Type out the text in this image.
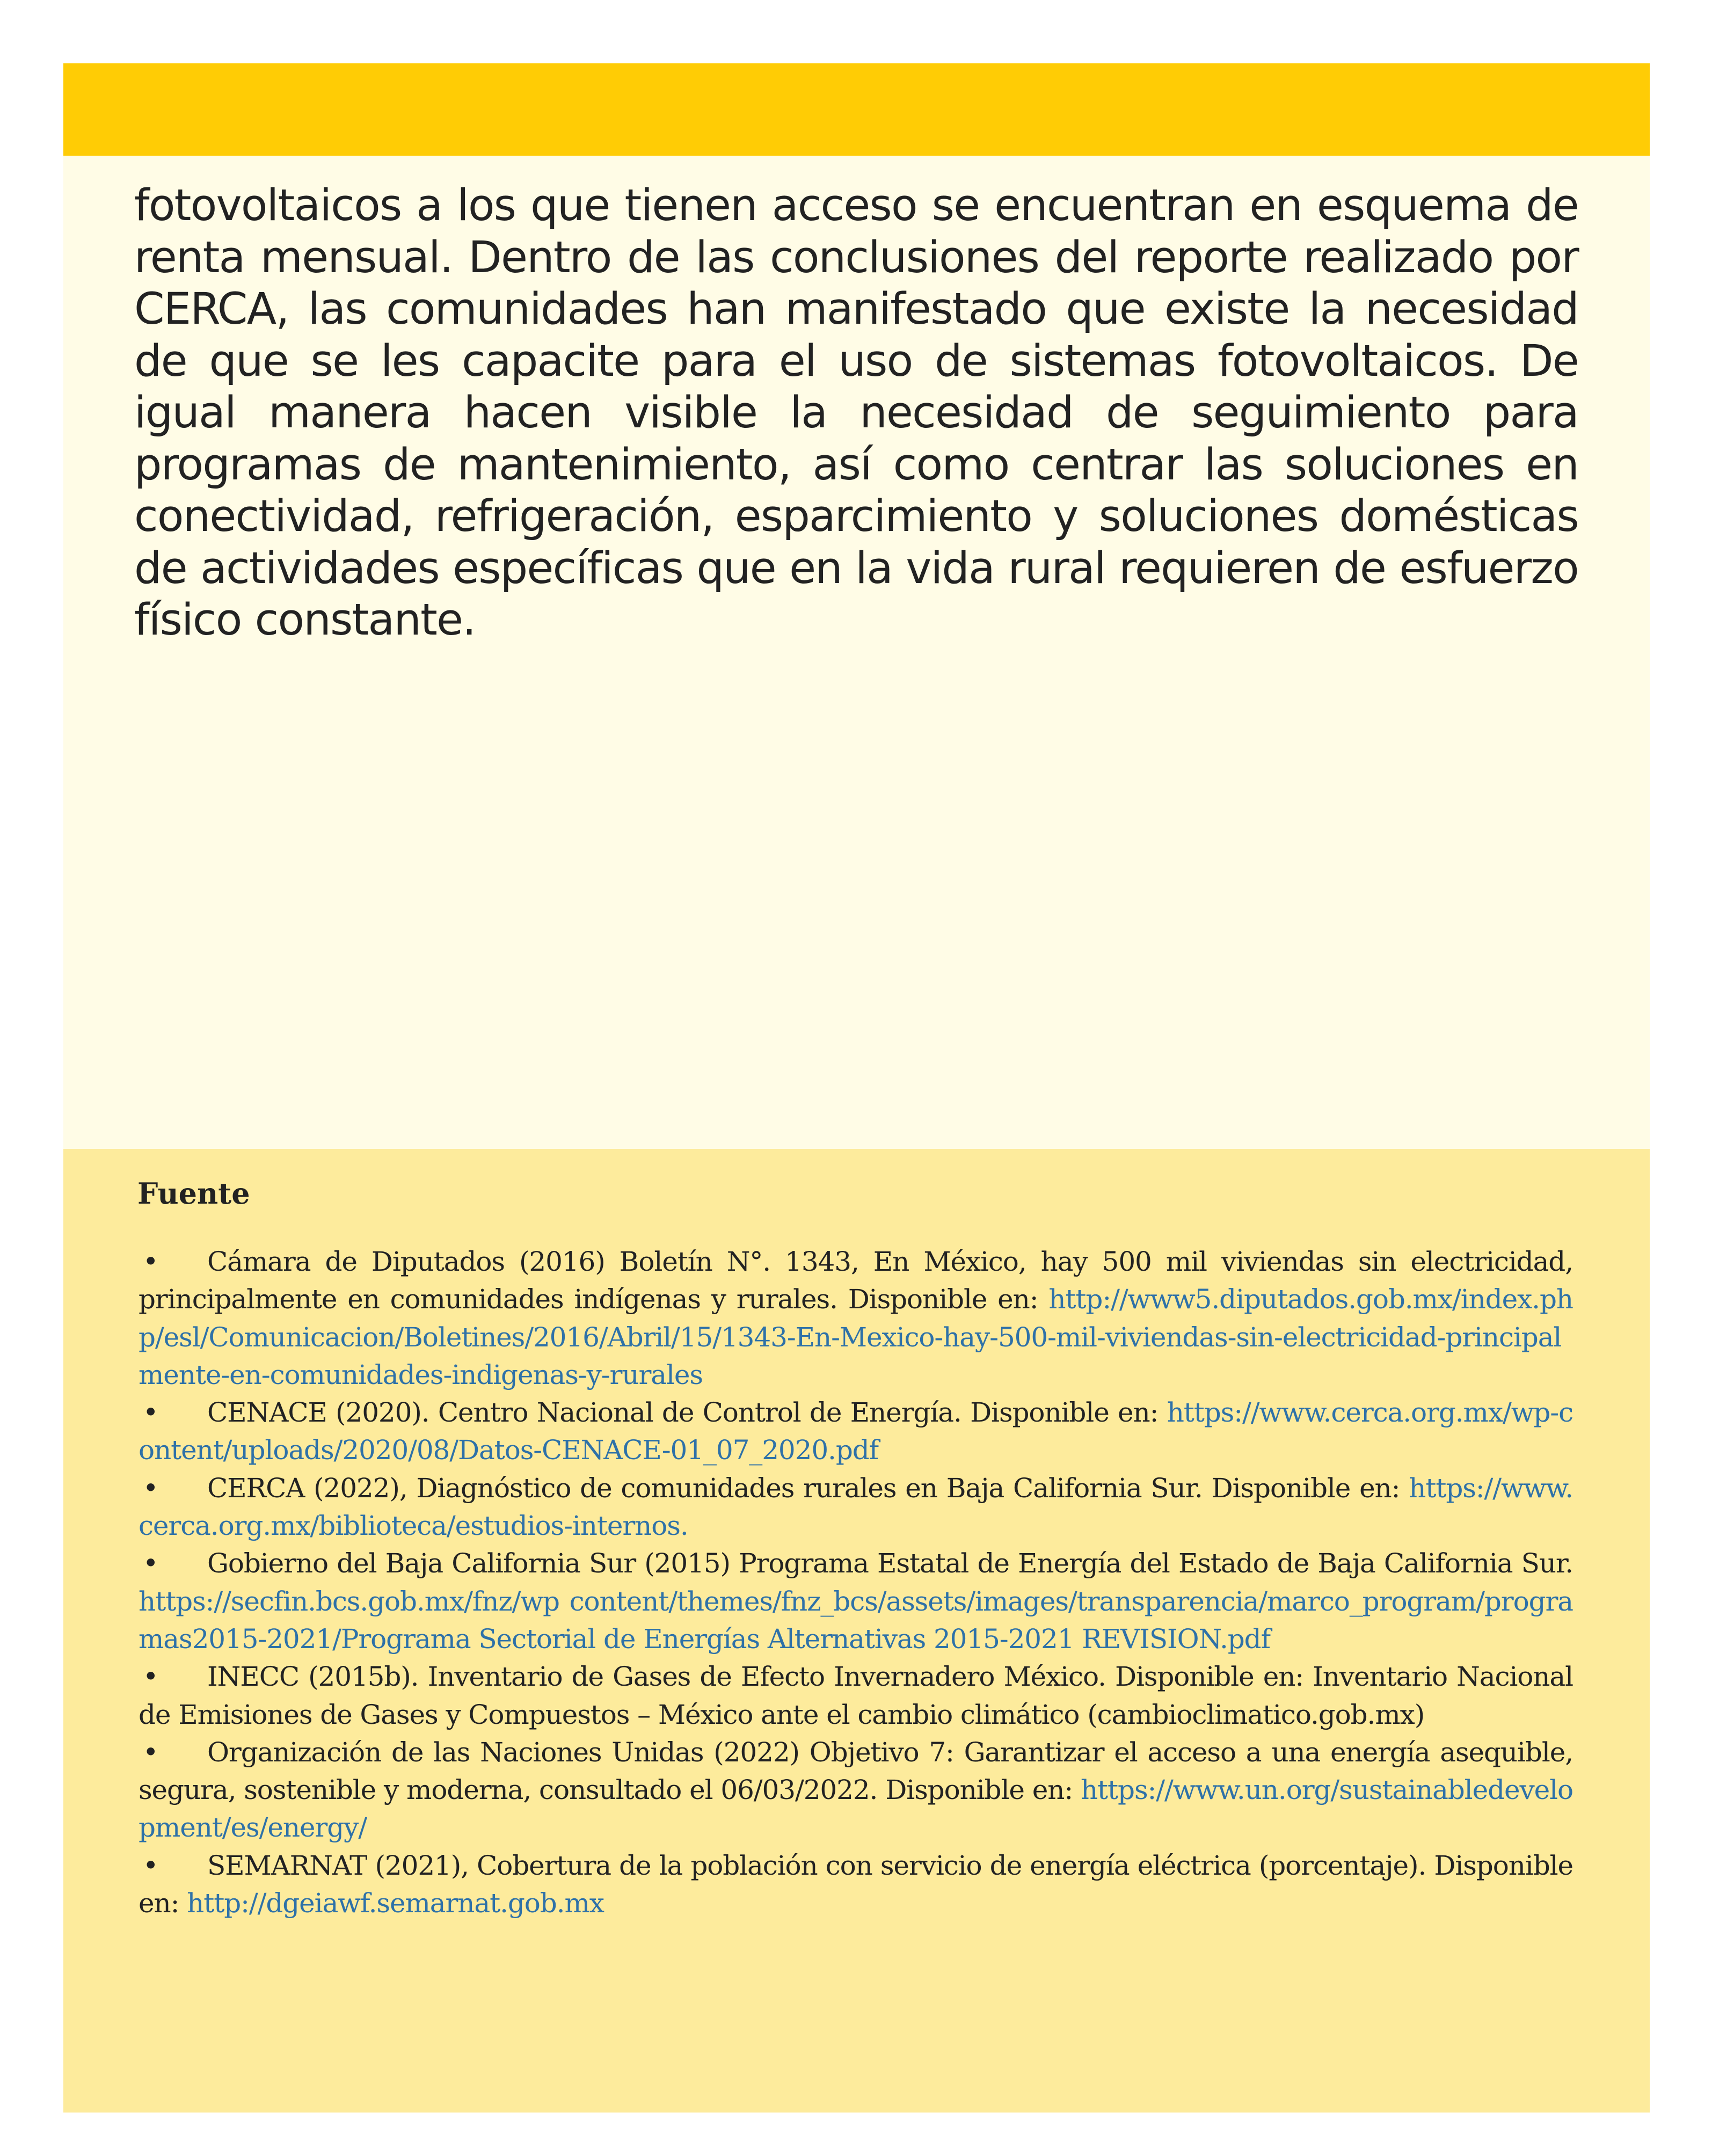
fotovoltaicos a los que tienen acceso se encuentran en esquema de renta mensual. Dentro de las conclusiones del reporte realizado por CERCA, las comunidades han manifestado que existe la necesidad de que se les capacite para el uso de sistemas fotovoltaicos. De igual manera hacen visible la necesidad de seguimiento para programas de mantenimiento, así como centrar las soluciones en conectividad, refrigeración, esparcimiento y soluciones domésticas de actividades específicas que en la vida rural requieren de esfuerzo físico constante.

Fuente
• Cámara de Diputados (2016) Boletín N°. 1343, En México, hay 500 mil viviendas sin electricidad, principalmente en comunidades indígenas y rurales. Disponible en: http://www5.diputados.gob.mx/index.php/esl/Comunicacion/Boletines/2016/Abril/15/1343-En-Mexico-hay-500-mil-viviendas-sin-electricidad-principalmente-en-comunidades-indigenas-y-rurales
• CENACE (2020). Centro Nacional de Control de Energía. Disponible en: https://www.cerca.org.mx/wp-content/uploads/2020/08/Datos-CENACE-01_07_2020.pdf
• CERCA (2022), Diagnóstico de comunidades rurales en Baja California Sur. Disponible en: https://www.cerca.org.mx/biblioteca/estudios-internos.
• Gobierno del Baja California Sur (2015) Programa Estatal de Energía del Estado de Baja California Sur. https://secfin.bcs.gob.mx/fnz/wp content/themes/fnz_bcs/assets/images/transparencia/marco_program/programas2015-2021/Programa Sectorial de Energías Alternativas 2015-2021 REVISION.pdf
• INECC (2015b). Inventario de Gases de Efecto Invernadero México. Disponible en: Inventario Nacional de Emisiones de Gases y Compuestos – México ante el cambio climático (cambioclimatico.gob.mx)
• Organización de las Naciones Unidas (2022) Objetivo 7: Garantizar el acceso a una energía asequible, segura, sostenible y moderna, consultado el 06/03/2022. Disponible en: https://www.un.org/sustainabledevelopment/es/energy/
• SEMARNAT (2021), Cobertura de la población con servicio de energía eléctrica (porcentaje). Disponible en: http://dgeiawf.semarnat.gob.mx
